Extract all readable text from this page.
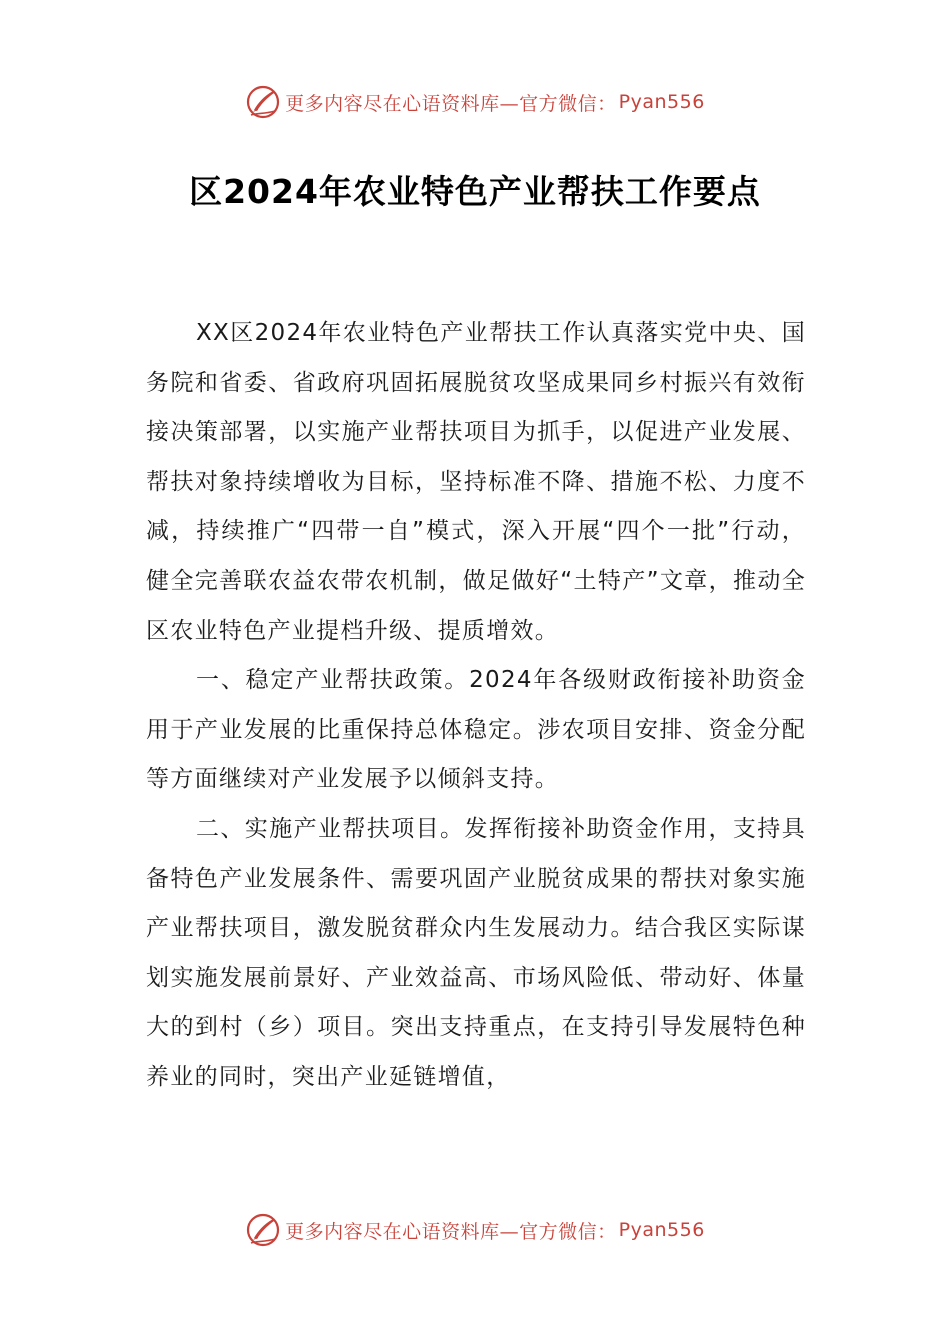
更多内容尽在心语资料库—官方微信： Pyan556
区2024年农业特色产业帮扶工作要点

XX区2024年农业特色产业帮扶工作认真落实党中央、国务院和省委、省政府巩固拓展脱贫攻坚成果同乡村振兴有效衔接决策部署，以实施产业帮扶项目为抓手，以促进产业发展、帮扶对象持续增收为目标，坚持标准不降、措施不松、力度不减，持续推广“四带一自”模式，深入开展“四个一批”行动，健全完善联农益农带农机制，做足做好“土特产”文章，推动全区农业特色产业提档升级、提质增效。

一、稳定产业帮扶政策。2024年各级财政衔接补助资金用于产业发展的比重保持总体稳定。涉农项目安排、资金分配等方面继续对产业发展予以倾斜支持。

二、实施产业帮扶项目。发挥衔接补助资金作用，支持具备特色产业发展条件、需要巩固产业脱贫成果的帮扶对象实施产业帮扶项目，激发脱贫群众内生发展动力。结合我区实际谋划实施发展前景好、产业效益高、市场风险低、带动好、体量大的到村（乡）项目。突出支持重点，在支持引导发展特色种养业的同时，突出产业延链增值，

更多内容尽在心语资料库—官方微信： Pyan556
